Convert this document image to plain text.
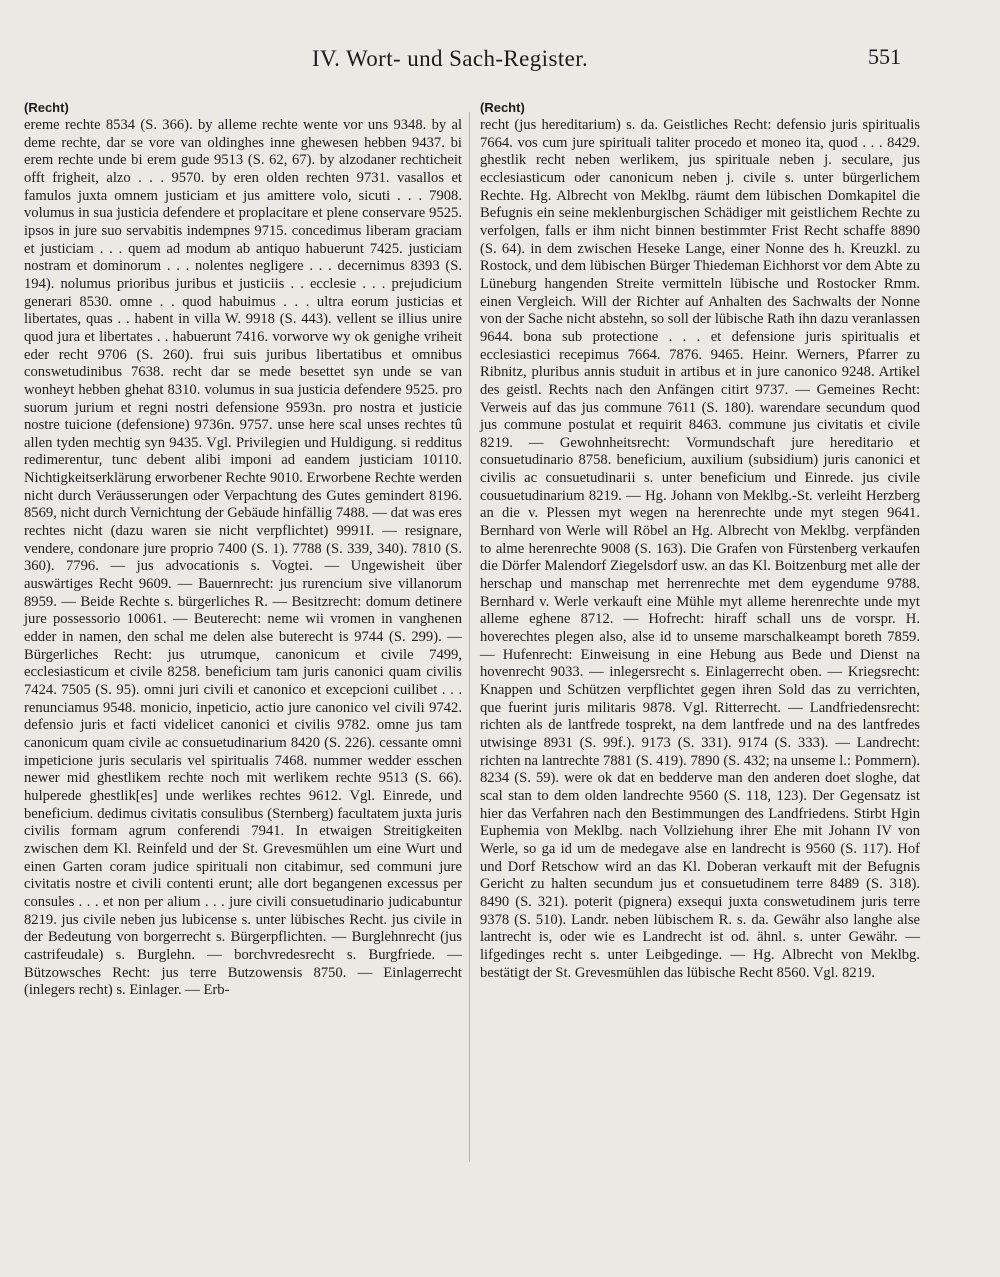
IV. Wort- und Sach-Register.	551
(Recht)

ereme rechte 8534 (S. 366). by alleme rechte wente vor uns 9348. by al deme rechte, dar se vore van oldinghes inne ghewesen hebben 9437. bi erem rechte unde bi erem gude 9513 (S. 62, 67). by alzodaner rechticheit offt frigheit, alzo . . . 9570. by eren olden rechten 9731. vasallos et famulos juxta omnem justiciam et jus amittere volo, sicuti . . . 7908. volumus in sua justicia defendere et proplacitare et plene conservare 9525. ipsos in jure suo servabitis indempnes 9715. concedimus liberam graciam et justiciam . . . quem ad modum ab antiquo habuerunt 7425. justiciam nostram et dominorum . . . nolentes negligere . . . decernimus 8393 (S. 194). nolumus prioribus juribus et justiciis . . ecclesie . . . prejudicium generari 8530. omne . . quod habuimus . . . ultra eorum justicias et libertates, quas . . habent in villa W. 9918 (S. 443). vellent se illius unire quod jura et libertates . . habuerunt 7416. vorworve wy ok genighe vriheit eder recht 9706 (S. 260). frui suis juribus libertatibus et omnibus conswetudinibus 7638. recht dar se mede besettet syn unde se van wonheyt hebben ghehat 8310. volumus in sua justicia defendere 9525. pro suorum jurium et regni nostri defensione 9593n. pro nostra et justicie nostre tuicione (defensione) 9736n. 9757. unse here scal unses rechtes tû allen tyden mechtig syn 9435. Vgl. Privilegien und Huldigung. si redditus redimerentur, tunc debent alibi imponi ad eandem justiciam 10110. Nichtigkeitserklärung erworbener Rechte 9010. Erworbene Rechte werden nicht durch Veräusserungen oder Verpachtung des Gutes gemindert 8196. 8569, nicht durch Vernichtung der Gebäude hinfällig 7488. — dat was eres rechtes nicht (dazu waren sie nicht verpflichtet) 9991I. — resignare, vendere, condonare jure proprio 7400 (S. 1). 7788 (S. 339, 340). 7810 (S. 360). 7796. — jus advocationis s. Vogtei. — Ungewisheit über auswärtiges Recht 9609. — Bauernrecht: jus rurencium sive villanorum 8959. — Beide Rechte s. bürgerliches R. — Besitzrecht: domum detinere jure possessorio 10061. — Beuterecht: neme wii vromen in vanghenen edder in namen, den schal me delen alse buterecht is 9744 (S. 299). — Bürgerliches Recht: jus utrumque, canonicum et civile 7499, ecclesiasticum et civile 8258. beneficium tam juris canonici quam civilis 7424. 7505 (S. 95). omni juri civili et canonico et excepcioni cuilibet . . . renunciamus 9548. monicio, inpeticio, actio jure canonico vel civili 9742. defensio juris et facti videlicet canonici et civilis 9782. omne jus tam canonicum quam civile ac consuetudinarium 8420 (S. 226). cessante omni impeticione juris secularis vel spiritualis 7468. nummer wedder esschen newer mid ghestlikem rechte noch mit werlikem rechte 9513 (S. 66). hulperede ghestlik[es] unde werlikes rechtes 9612. Vgl. Einrede, und beneficium. dedimus civitatis consulibus (Sternberg) facultatem juxta juris civilis formam agrum conferendi 7941. In etwaigen Streitigkeiten zwischen dem Kl. Reinfeld und der St. Grevesmühlen um eine Wurt und einen Garten coram judice spirituali non citabimur, sed communi jure civitatis nostre et civili contenti erunt; alle dort begangenen excessus per consules . . . et non per alium . . . jure civili consuetudinario judicabuntur 8219. jus civile neben jus lubicense s. unter lübisches Recht. jus civile in der Bedeutung von borgerrecht s. Bürgerpflichten. — Burglehnrecht (jus castrifeudale) s. Burglehn. — borchvredesrecht s. Burgfriede. — Bützowsches Recht: jus terre Butzowensis 8750. — Einlagerrecht (inlegers recht) s. Einlager. — Erb-

(Recht)

recht (jus hereditarium) s. da. Geistliches Recht: defensio juris spiritualis 7664. vos cum jure spirituali taliter procedo et moneo ita, quod . . . 8429. ghestlik recht neben werlikem, jus spirituale neben j. seculare, jus ecclesiasticum oder canonicum neben j. civile s. unter bürgerlichem Rechte. Hg. Albrecht von Meklbg. räumt dem lübischen Domkapitel die Befugnis ein seine meklenburgischen Schädiger mit geistlichem Rechte zu verfolgen, falls er ihm nicht binnen bestimmter Frist Recht schaffe 8890 (S. 64). in dem zwischen Heseke Lange, einer Nonne des h. Kreuzkl. zu Rostock, und dem lübischen Bürger Thiedeman Eichhorst vor dem Abte zu Lüneburg hangenden Streite vermitteln lübische und Rostocker Rmm. einen Vergleich. Will der Richter auf Anhalten des Sachwalts der Nonne von der Sache nicht abstehn, so soll der lübische Rath ihn dazu veranlassen 9644. bona sub protectione . . . et defensione juris spiritualis et ecclesiastici recepimus 7664. 7876. 9465. Heinr. Werners, Pfarrer zu Ribnitz, pluribus annis studuit in artibus et in jure canonico 9248. Artikel des geistl. Rechts nach den Anfängen citirt 9737. — Gemeines Recht: Verweis auf das jus commune 7611 (S. 180). warendare secundum quod jus commune postulat et requirit 8463. commune jus civitatis et civile 8219. — Gewohnheitsrecht: Vormundschaft jure hereditario et consuetudinario 8758. beneficium, auxilium (subsidium) juris canonici et civilis ac consuetudinarii s. unter beneficium und Einrede. jus civile cousuetudinarium 8219. — Hg. Johann von Meklbg.-St. verleiht Herzberg an die v. Plessen myt wegen na herenrechte unde myt stegen 9641. Bernhard von Werle will Röbel an Hg. Albrecht von Meklbg. verpfänden to alme herenrechte 9008 (S. 163). Die Grafen von Fürstenberg verkaufen die Dörfer Malendorf Ziegelsdorf usw. an das Kl. Boitzenburg met alle der herschap und manschap met herrenrechte met dem eygendume 9788. Bernhard v. Werle verkauft eine Mühle myt alleme herenrechte unde myt alleme eghene 8712. — Hofrecht: hiraff schall uns de vorspr. H. hoverechtes plegen also, alse id to unseme marschalkeampt boreth 7859. — Hufenrecht: Einweisung in eine Hebung aus Bede und Dienst na hovenrecht 9033. — inlegersrecht s. Einlagerrecht oben. — Kriegsrecht: Knappen und Schützen verpflichtet gegen ihren Sold das zu verrichten, que fuerint juris militaris 9878. Vgl. Ritterrecht. — Landfriedensrecht: richten als de lantfrede tosprekt, na dem lantfrede und na des lantfredes utwisinge 8931 (S. 99f.). 9173 (S. 331). 9174 (S. 333). — Landrecht: richten na lantrechte 7881 (S. 419). 7890 (S. 432; na unseme l.: Pommern). 8234 (S. 59). were ok dat en bedderve man den anderen doet sloghe, dat scal stan to dem olden landrechte 9560 (S. 118, 123). Der Gegensatz ist hier das Verfahren nach den Bestimmungen des Landfriedens. Stirbt Hgin Euphemia von Meklbg. nach Vollziehung ihrer Ehe mit Johann IV von Werle, so ga id um de medegave alse en landrecht is 9560 (S. 117). Hof und Dorf Retschow wird an das Kl. Doberan verkauft mit der Befugnis Gericht zu halten secundum jus et consuetudinem terre 8489 (S. 318). 8490 (S. 321). poterit (pignera) exsequi juxta conswetudinem juris terre 9378 (S. 510). Landr. neben lübischem R. s. da. Gewähr also langhe alse lantrecht is, oder wie es Landrecht ist od. ähnl. s. unter Gewähr. — lifgedinges recht s. unter Leibgedinge. — Hg. Albrecht von Meklbg. bestätigt der St. Grevesmühlen das lübische Recht 8560. Vgl. 8219.
